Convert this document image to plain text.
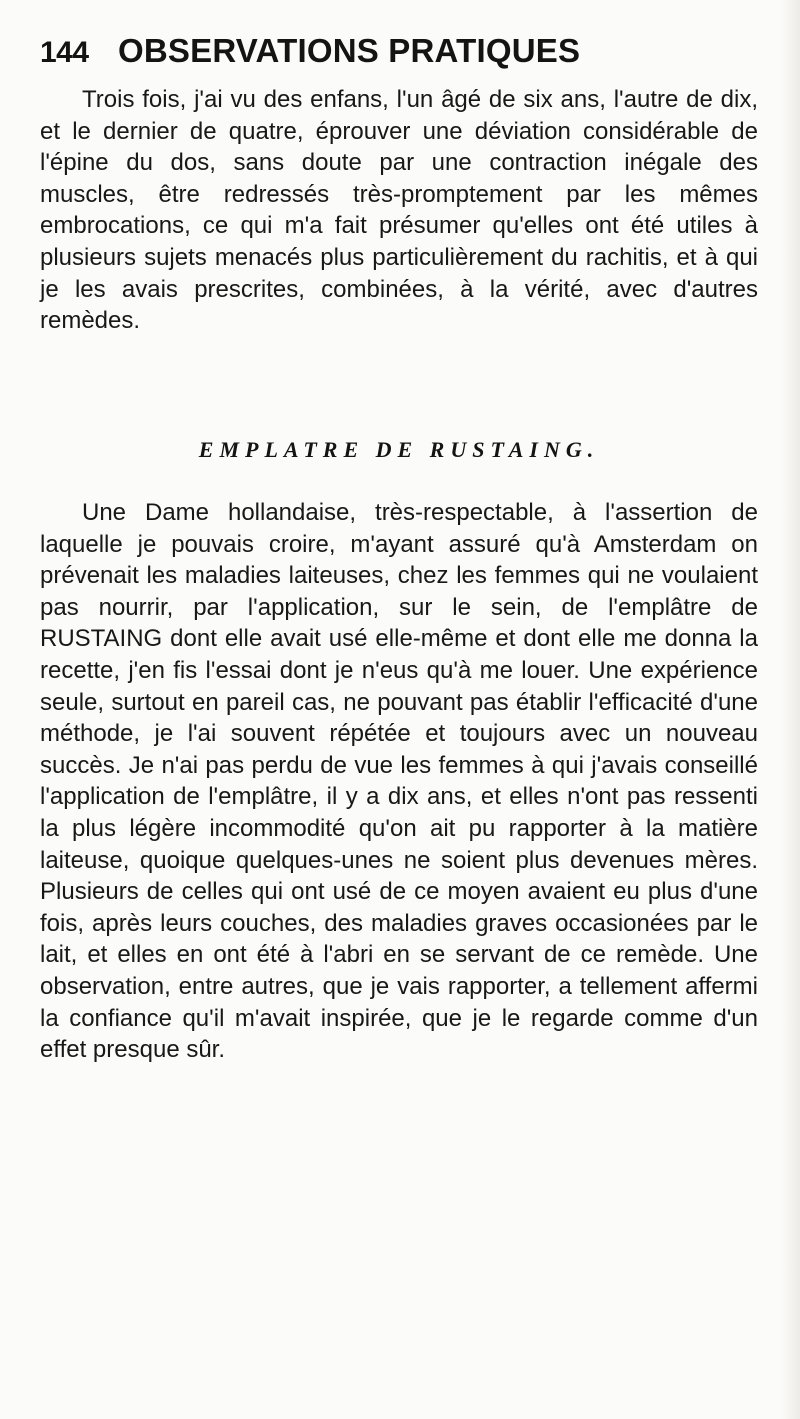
144 OBSERVATIONS PRATIQUES

Trois fois, j'ai vu des enfans, l'un âgé de six ans, l'autre de dix, et le dernier de quatre, éprouver une déviation considérable de l'épine du dos, sans doute par une contraction inégale des muscles, être redressés très-promptement par les mêmes embrocations, ce qui m'a fait présumer qu'elles ont été utiles à plusieurs sujets menacés plus particulièrement du rachitis, et à qui je les avais prescrites, combinées, à la vérité, avec d'autres remèdes.

EMPLATRE DE RUSTAING.

Une Dame hollandaise, très-respectable, à l'assertion de laquelle je pouvais croire, m'ayant assuré qu'à Amsterdam on prévenait les maladies laiteuses, chez les femmes qui ne voulaient pas nourrir, par l'application, sur le sein, de l'emplâtre de RUSTAING dont elle avait usé elle-même et dont elle me donna la recette, j'en fis l'essai dont je n'eus qu'à me louer. Une expérience seule, surtout en pareil cas, ne pouvant pas établir l'efficacité d'une méthode, je l'ai souvent répétée et toujours avec un nouveau succès. Je n'ai pas perdu de vue les femmes à qui j'avais conseillé l'application de l'emplâtre, il y a dix ans, et elles n'ont pas ressenti la plus légère incommodité qu'on ait pu rapporter à la matière laiteuse, quoique quelques-unes ne soient plus devenues mères. Plusieurs de celles qui ont usé de ce moyen avaient eu plus d'une fois, après leurs couches, des maladies graves occasionées par le lait, et elles en ont été à l'abri en se servant de ce remède. Une observation, entre autres, que je vais rapporter, a tellement affermi la confiance qu'il m'avait inspirée, que je le regarde comme d'un effet presque sûr.
